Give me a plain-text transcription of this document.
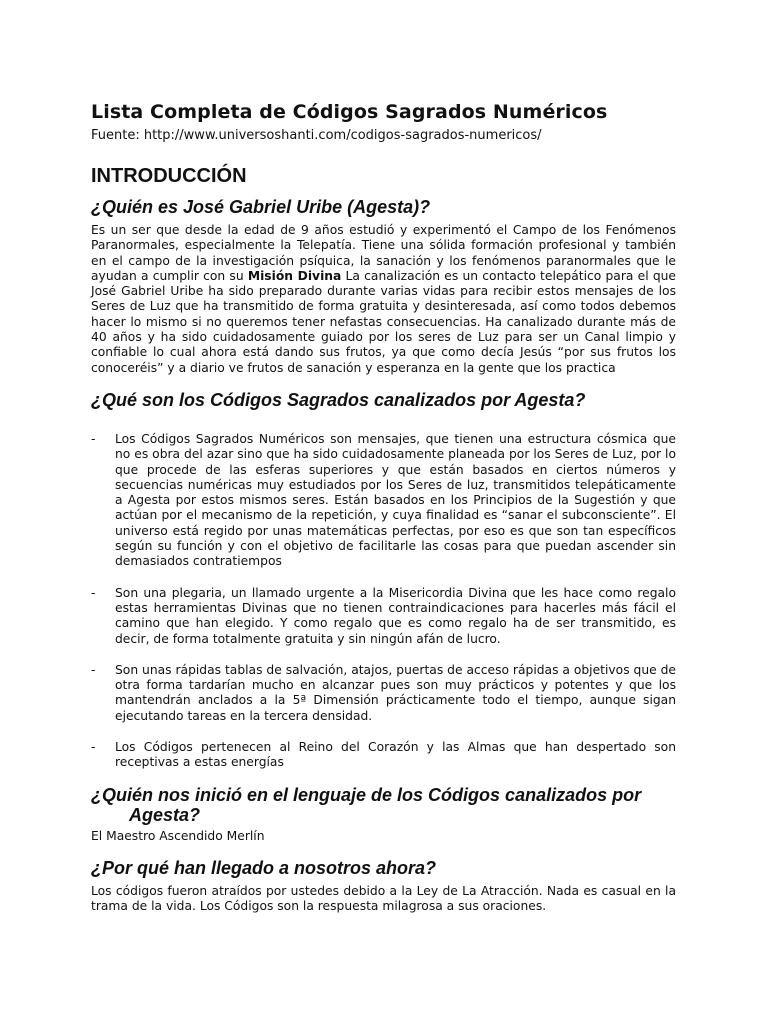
Lista Completa de Códigos Sagrados Numéricos

Fuente: http://www.universoshanti.com/codigos-sagrados-numericos/

INTRODUCCIÓN
¿Quién es José Gabriel Uribe (Agesta)?

Es un ser que desde la edad de 9 años estudió y experimentó el Campo de los Fenómenos Paranormales, especialmente la Telepatía. Tiene una sólida formación profesional y también en el campo de la investigación psíquica, la sanación y los fenómenos paranormales que le ayudan a cumplir con su Misión Divina La canalización es un contacto telepático para el que José Gabriel Uribe ha sido preparado durante varias vidas para recibir estos mensajes de los Seres de Luz que ha transmitido de forma gratuita y desinteresada, así como todos debemos hacer lo mismo si no queremos tener nefastas consecuencias. Ha canalizado durante más de 40 años y ha sido cuidadosamente guiado por los seres de Luz para ser un Canal limpio y confiable lo cual ahora está dando sus frutos, ya que como decía Jesús “por sus frutos los conoceréis” y a diario ve frutos de sanación y esperanza en la gente que los practica

¿Qué son los Códigos Sagrados canalizados por Agesta?
- Los Códigos Sagrados Numéricos son mensajes, que tienen una estructura cósmica que no es obra del azar sino que ha sido cuidadosamente planeada por los Seres de Luz, por lo que procede de las esferas superiores y que están basados en ciertos números y secuencias numéricas muy estudiados por los Seres de luz, transmitidos telepáticamente a Agesta por estos mismos seres. Están basados en los Principios de la Sugestión y que actúan por el mecanismo de la repetición, y cuya finalidad es “sanar el subconsciente”. El universo está regido por unas matemáticas perfectas, por eso es que son tan específicos según su función y con el objetivo de facilitarle las cosas para que puedan ascender sin demasiados contratiempos
- Son una plegaria, un llamado urgente a la Misericordia Divina que les hace como regalo estas herramientas Divinas que no tienen contraindicaciones para hacerles más fácil el camino que han elegido. Y como regalo que es como regalo ha de ser transmitido, es decir, de forma totalmente gratuita y sin ningún afán de lucro.
- Son unas rápidas tablas de salvación, atajos, puertas de acceso rápidas a objetivos que de otra forma tardarían mucho en alcanzar pues son muy prácticos y potentes y que los mantendrán anclados a la 5ª Dimensión prácticamente todo el tiempo, aunque sigan ejecutando tareas en la tercera densidad.
- Los Códigos pertenecen al Reino del Corazón y las Almas que han despertado son receptivas a estas energías
¿Quién nos inició en el lenguaje de los Códigos canalizados por Agesta?

El Maestro Ascendido Merlín

¿Por qué han llegado a nosotros ahora?

Los códigos fueron atraídos por ustedes debido a la Ley de La Atracción. Nada es casual en la trama de la vida. Los Códigos son la respuesta milagrosa a sus oraciones.
